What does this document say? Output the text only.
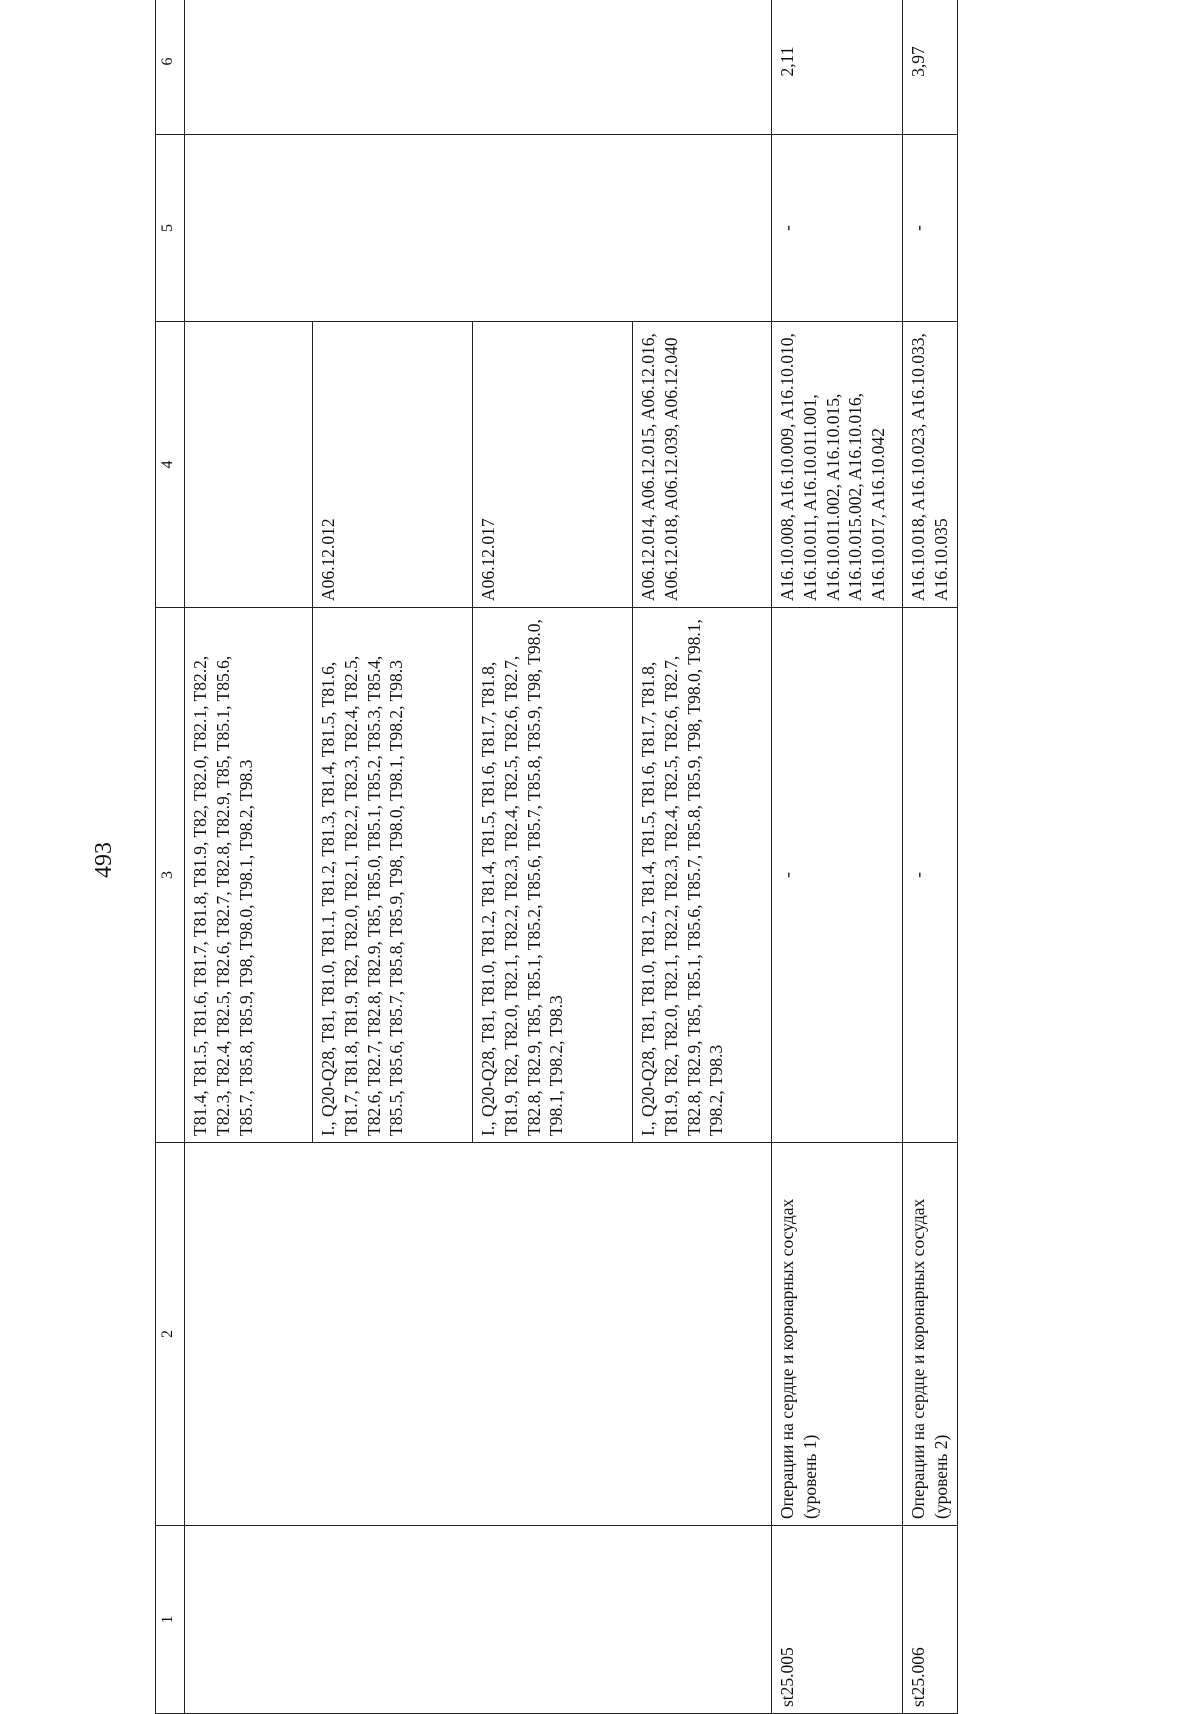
493
1	2	3	4	5	6
		T81.4, T81.5, T81.6, T81.7, T81.8, T81.9, T82, T82.0, T82.1, T82.2, T82.3, T82.4, T82.5, T82.6, T82.7, T82.8, T82.9, T85, T85.1, T85.6, T85.7, T85.8, T85.9, T98, T98.0, T98.1, T98.2, T98.3			
		I., Q20-Q28, T81, T81.0, T81.1, T81.2, T81.3, T81.4, T81.5, T81.6, T81.7, T81.8, T81.9, T82, T82.0, T82.1, T82.2, T82.3, T82.4, T82.5, T82.6, T82.7, T82.8, T82.9, T85, T85.0, T85.1, T85.2, T85.3, T85.4, T85.5, T85.6, T85.7, T85.8, T85.9, T98, T98.0, T98.1, T98.2, T98.3	A06.12.012		
		I., Q20-Q28, T81, T81.0, T81.2, T81.4, T81.5, T81.6, T81.7, T81.8, T81.9, T82, T82.0, T82.1, T82.2, T82.3, T82.4, T82.5, T82.6, T82.7, T82.8, T82.9, T85, T85.1, T85.2, T85.6, T85.7, T85.8, T85.9, T98, T98.0, T98.1, T98.2, T98.3	A06.12.017		
		I., Q20-Q28, T81, T81.0, T81.2, T81.4, T81.5, T81.6, T81.7, T81.8, T81.9, T82, T82.0, T82.1, T82.2, T82.3, T82.4, T82.5, T82.6, T82.7, T82.8, T82.9, T85, T85.1, T85.6, T85.7, T85.8, T85.9, T98, T98.0, T98.1, T98.2, T98.3	A06.12.014, A06.12.015, A06.12.016, A06.12.018, A06.12.039, A06.12.040		
st25.005	Операции на сердце и коронарных сосудах (уровень 1)	-	A16.10.008, A16.10.009, A16.10.010, A16.10.011, A16.10.011.001, A16.10.011.002, A16.10.015, A16.10.015.002, A16.10.016, A16.10.017, A16.10.042	-	2,11
st25.006	Операции на сердце и коронарных сосудах (уровень 2)	-	A16.10.018, A16.10.023, A16.10.033, A16.10.035	-	3,97
